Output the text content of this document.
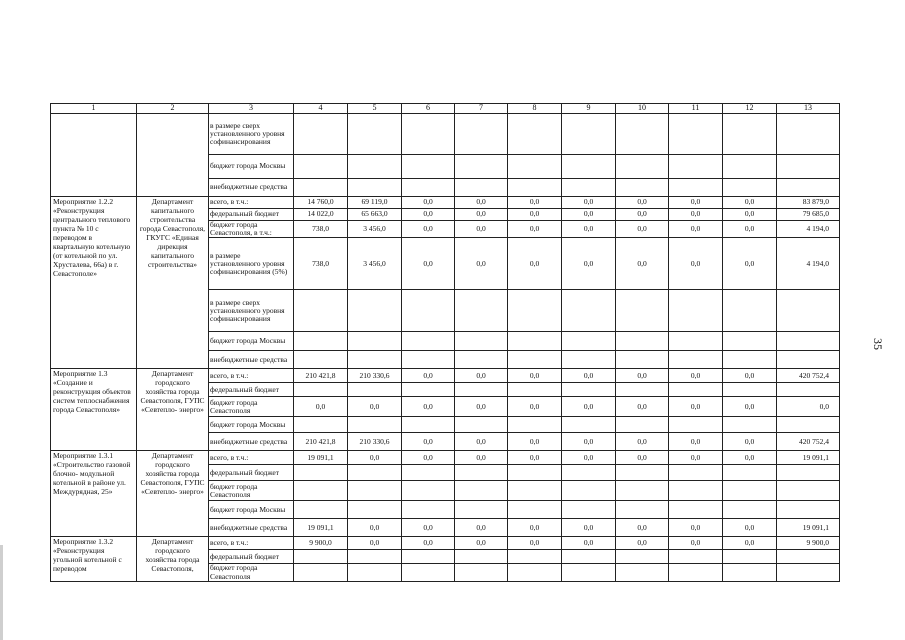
1	2	3	4	5	6	7	8	9	10	11	12	13
		в размере сверх установленного уровня софинансирования										
		бюджет города Москвы										
		внебюджетные средства										
Мероприятие 1.2.2 «Реконструкция центрального теплового пункта № 10 с переводом в квартальную котельную (от котельной по ул. Хрусталева, 66а) в г. Севастополе»	Департамент капитального строительства города Севастополя, ГКУГС «Единая дирекция капитального строительства»	всего, в т.ч.:	14 760,0	69 119,0	0,0	0,0	0,0	0,0	0,0	0,0	0,0	83 879,0
		федеральный бюджет	14 022,0	65 663,0	0,0	0,0	0,0	0,0	0,0	0,0	0,0	79 685,0
		бюджет города Севастополя, в т.ч.:	738,0	3 456,0	0,0	0,0	0,0	0,0	0,0	0,0	0,0	4 194,0
		в размере установленного уровня софинансирования (5%)	738,0	3 456,0	0,0	0,0	0,0	0,0	0,0	0,0	0,0	4 194,0
		в размере сверх установленного уровня софинансирования										
		бюджет города Москвы										
		внебюджетные средства										
Мероприятие 1.3 «Создание и реконструкция объектов систем теплоснабжения города Севастополя»	Департамент городского хозяйства города Севастополя, ГУПС «Севтепло- энерго»	всего, в т.ч.:	210 421,8	210 330,6	0,0	0,0	0,0	0,0	0,0	0,0	0,0	420 752,4
		федеральный бюджет										
		бюджет города Севастополя	0,0	0,0	0,0	0,0	0,0	0,0	0,0	0,0	0,0	0,0
		бюджет города Москвы										
		внебюджетные средства	210 421,8	210 330,6	0,0	0,0	0,0	0,0	0,0	0,0	0,0	420 752,4
Мероприятие 1.3.1 «Строительство газовой блочно- модульной котельной в районе ул. Междурядная, 25»	Департамент городского хозяйства города Севастополя, ГУПС «Севтепло- энерго»	всего, в т.ч.:	19 091,1	0,0	0,0	0,0	0,0	0,0	0,0	0,0	0,0	19 091,1
		федеральный бюджет										
		бюджет города Севастополя										
		бюджет города Москвы										
		внебюджетные средства	19 091,1	0,0	0,0	0,0	0,0	0,0	0,0	0,0	0,0	19 091,1
Мероприятие 1.3.2 «Реконструкция угольной котельной с переводом	Департамент городского хозяйства города Севастополя,	всего, в т.ч.:	9 900,0	0,0	0,0	0,0	0,0	0,0	0,0	0,0	0,0	9 900,0
		федеральный бюджет										
		бюджет города Севастополя										
35
